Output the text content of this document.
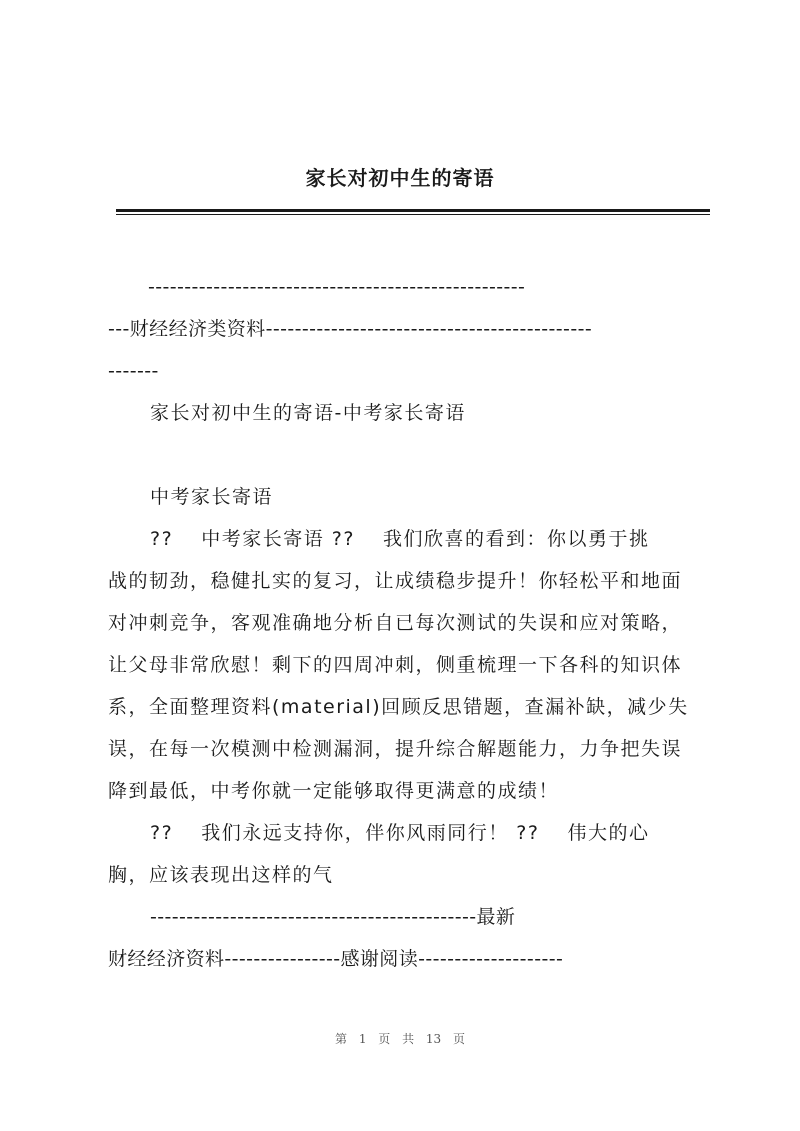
家长对初中生的寄语
----------------------------------------------------
---财经经济类资料---------------------------------------------
-------
家长对初中生的寄语-中考家长寄语
中考家长寄语
??　 中考家长寄语 ??　 我们欣喜的看到：你以勇于挑
战的韧劲，稳健扎实的复习，让成绩稳步提升！你轻松平和地面
对冲刺竞争，客观准确地分析自已每次测试的失误和应对策略，
让父母非常欣慰！剩下的四周冲刺，侧重梳理一下各科的知识体
系，全面整理资料(material)回顾反思错题，查漏补缺，减少失
误，在每一次模测中检测漏洞，提升综合解题能力，力争把失误
降到最低，中考你就一定能够取得更满意的成绩！
??　 我们永远支持你，伴你风雨同行！ ??　 伟大的心
胸，应该表现出这样的气
---------------------------------------------最新
财经经济资料----------------感谢阅读--------------------
第 1 页 共 13 页
